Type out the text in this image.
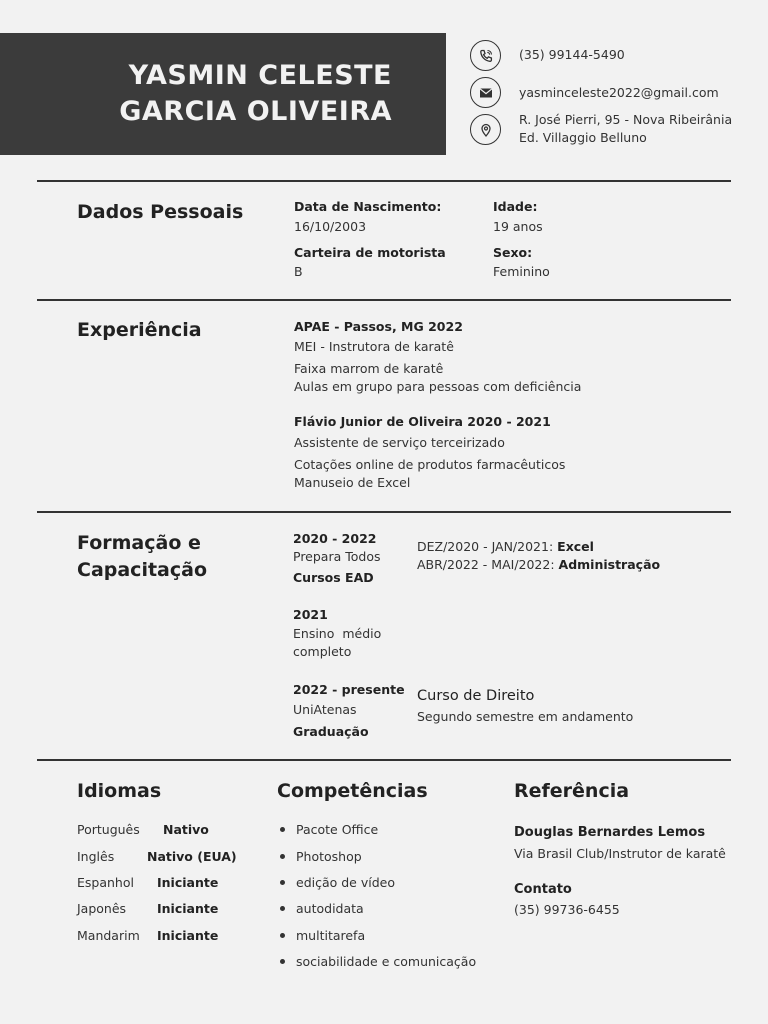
YASMIN CELESTE
GARCIA OLIVEIRA
(35) 99144-5490
yasminceleste2022@gmail.com
R. José Pierri, 95 - Nova Ribeirânia
Ed. Villaggio Belluno
Dados Pessoais	Data de Nascimento:
16/10/2003
Idade:
19 anos
Carteira de motorista
B
Sexo:
Feminino
Experiência	APAE - Passos, MG 2022
MEI - Instrutora de karatê
Faixa marrom de karatê
Aulas em grupo para pessoas com deficiência
Flávio Junior de Oliveira 2020 - 2021
Assistente de serviço terceirizado
Cotações online de produtos farmacêuticos
Manuseio de Excel
Formação e
Capacitação
2020 - 2022
Prepara Todos
Cursos EAD
DEZ/2020 - JAN/2021: Excel
ABR/2022 - MAI/2022: Administração
2021
Ensino  médio
completo
2022 - presente
UniAtenas
Graduação
Curso de Direito
Segundo semestre em andamento
Idiomas
Português Nativo
Inglês	Nativo (EUA)
Espanhol Iniciante
Japonês Iniciante
Mandarim Iniciante
Competências
Pacote Office
Photoshop
edição de vídeo
autodidata
multitarefa
sociabilidade e comunicação
Referência
Douglas Bernardes Lemos
Via Brasil Club/Instrutor de karatê
Contato
(35) 99736-6455
